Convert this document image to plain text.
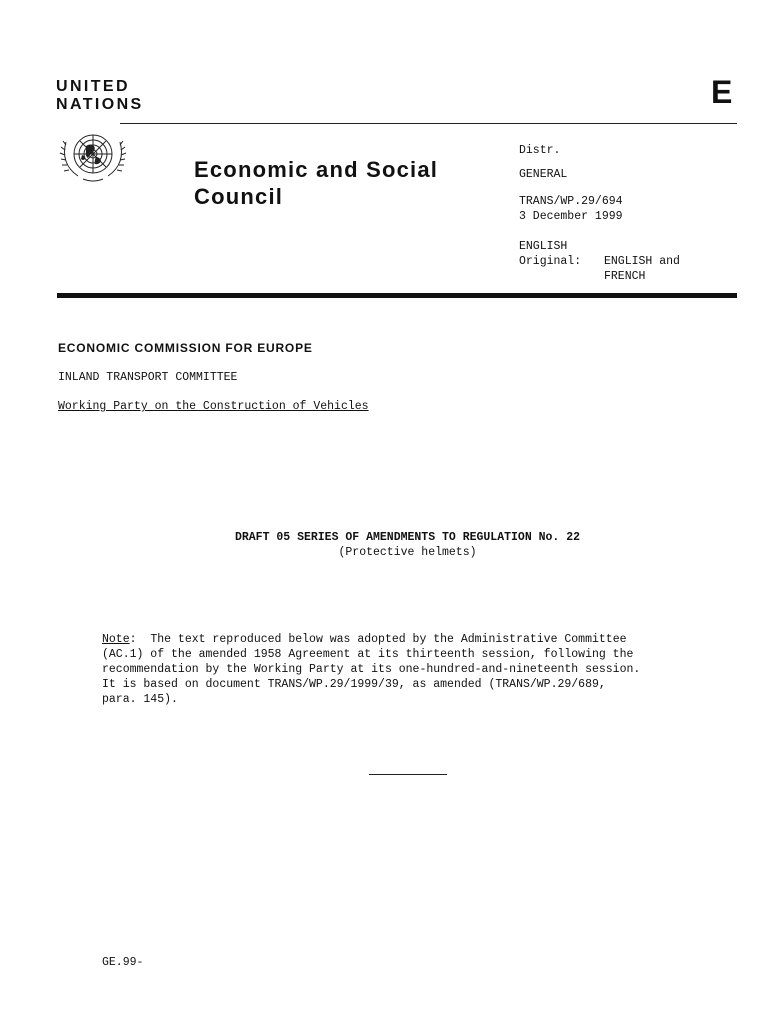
UNITED
NATIONS	E
Economic and Social
Council
Distr.
GENERAL
TRANS/WP.29/694
3 December 1999
ENGLISH
Original: ENGLISH and FRENCH
ECONOMIC COMMISSION FOR EUROPE
INLAND TRANSPORT COMMITTEE
Working Party on the Construction of Vehicles
DRAFT 05 SERIES OF AMENDMENTS TO REGULATION No. 22
(Protective helmets)
Note:  The text reproduced below was adopted by the Administrative Committee
(AC.1) of the amended 1958 Agreement at its thirteenth session, following the
recommendation by the Working Party at its one-hundred-and-nineteenth session.
It is based on document TRANS/WP.29/1999/39, as amended (TRANS/WP.29/689,
para. 145).
GE.99-
